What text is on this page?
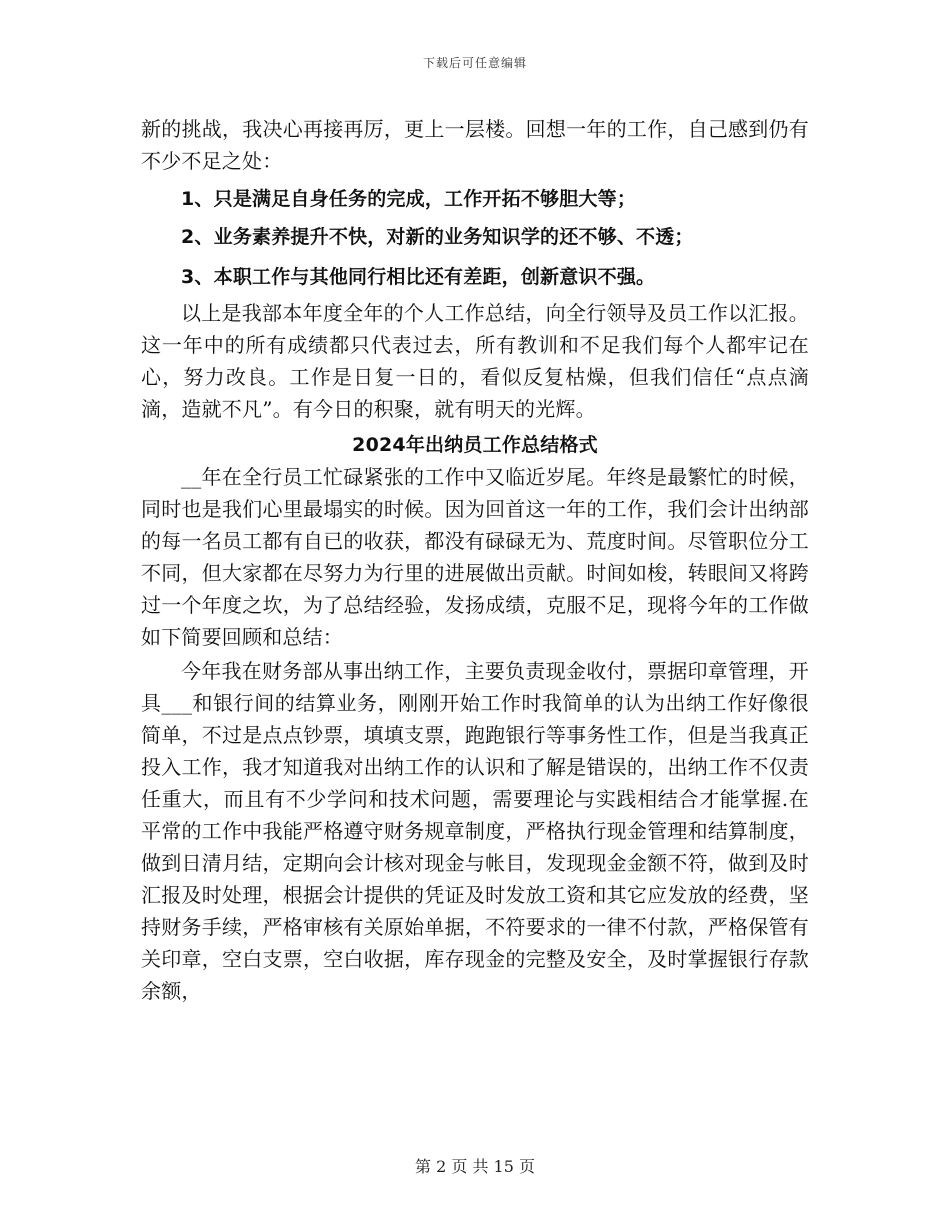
下载后可任意编辑

新的挑战，我决心再接再厉，更上一层楼。回想一年的工作，自己感到仍有不少不足之处：

1、只是满足自身任务的完成，工作开拓不够胆大等；

2、业务素养提升不快，对新的业务知识学的还不够、不透；

3、本职工作与其他同行相比还有差距，创新意识不强。

以上是我部本年度全年的个人工作总结，向全行领导及员工作以汇报。这一年中的所有成绩都只代表过去，所有教训和不足我们每个人都牢记在心，努力改良。工作是日复一日的，看似反复枯燥，但我们信任“点点滴滴，造就不凡”。有今日的积聚，就有明天的光辉。

2024年出纳员工作总结格式

__年在全行员工忙碌紧张的工作中又临近岁尾。年终是最繁忙的时候，同时也是我们心里最塌实的时候。因为回首这一年的工作，我们会计出纳部的每一名员工都有自已的收获，都没有碌碌无为、荒度时间。尽管职位分工不同，但大家都在尽努力为行里的进展做出贡献。时间如梭，转眼间又将跨过一个年度之坎，为了总结经验，发扬成绩，克服不足，现将今年的工作做如下简要回顾和总结：

今年我在财务部从事出纳工作，主要负责现金收付，票据印章管理，开具___和银行间的结算业务，刚刚开始工作时我简单的认为出纳工作好像很简单，不过是点点钞票，填填支票，跑跑银行等事务性工作，但是当我真正投入工作，我才知道我对出纳工作的认识和了解是错误的，出纳工作不仅责任重大，而且有不少学问和技术问题，需要理论与实践相结合才能掌握.在平常的工作中我能严格遵守财务规章制度，严格执行现金管理和结算制度，做到日清月结，定期向会计核对现金与帐目，发现现金金额不符，做到及时汇报及时处理，根据会计提供的凭证及时发放工资和其它应发放的经费，坚持财务手续，严格审核有关原始单据，不符要求的一律不付款，严格保管有关印章，空白支票，空白收据，库存现金的完整及安全，及时掌握银行存款余额，

第 2 页 共 15 页
